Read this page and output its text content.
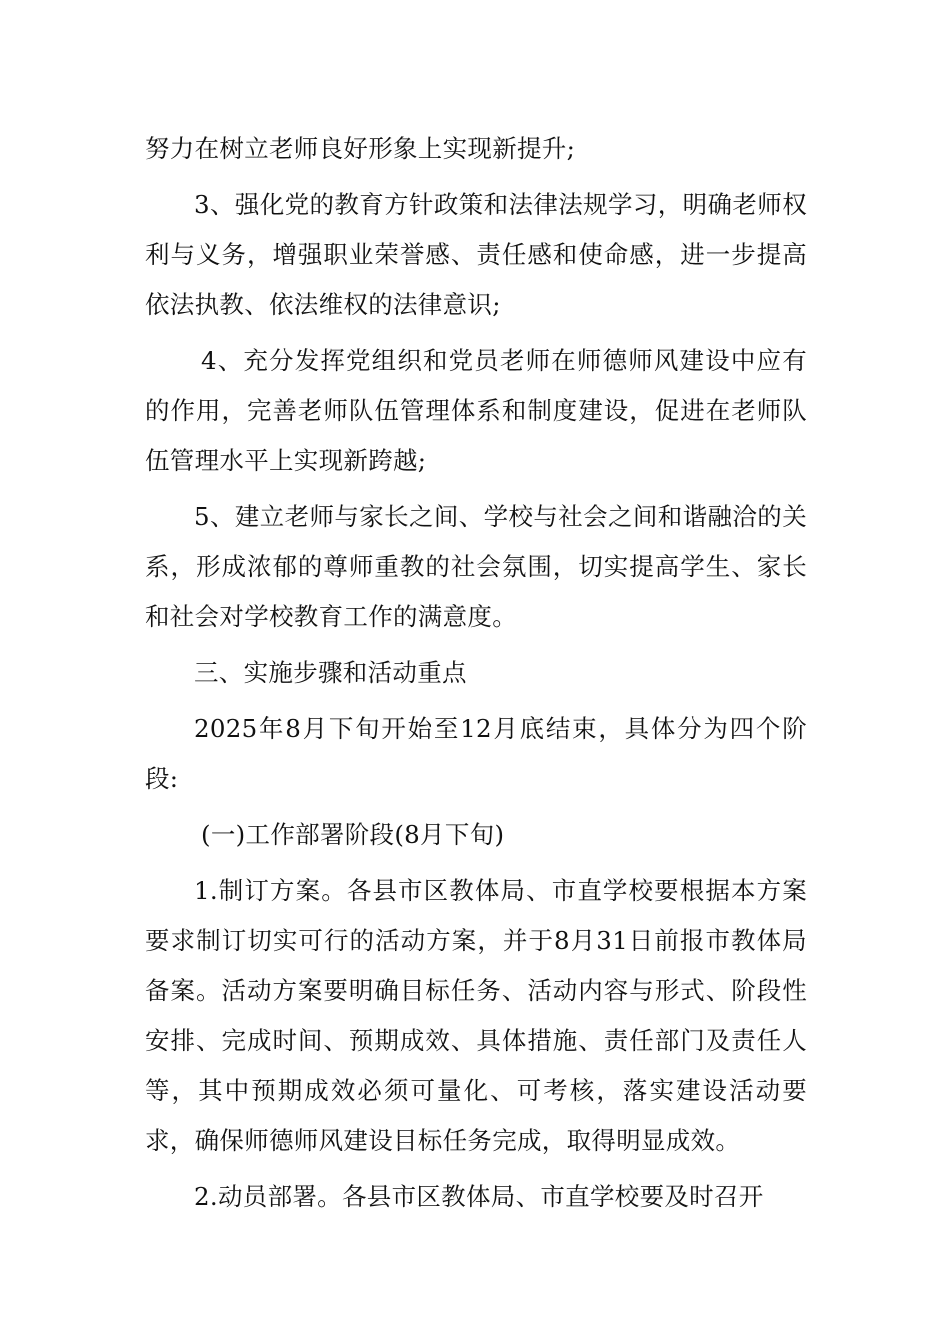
努力在树立老师良好形象上实现新提升;

3、强化党的教育方针政策和法律法规学习，明确老师权利与义务，增强职业荣誉感、责任感和使命感，进一步提高依法执教、依法维权的法律意识;

4、充分发挥党组织和党员老师在师德师风建设中应有的作用，完善老师队伍管理体系和制度建设，促进在老师队伍管理水平上实现新跨越;

5、建立老师与家长之间、学校与社会之间和谐融洽的关系，形成浓郁的尊师重教的社会氛围，切实提高学生、家长和社会对学校教育工作的满意度。

三、实施步骤和活动重点

2025年8月下旬开始至12月底结束，具体分为四个阶段:

(一)工作部署阶段(8月下旬)

1.制订方案。各县市区教体局、市直学校要根据本方案要求制订切实可行的活动方案，并于8月31日前报市教体局备案。活动方案要明确目标任务、活动内容与形式、阶段性安排、完成时间、预期成效、具体措施、责任部门及责任人等，其中预期成效必须可量化、可考核，落实建设活动要求，确保师德师风建设目标任务完成，取得明显成效。

2.动员部署。各县市区教体局、市直学校要及时召开
